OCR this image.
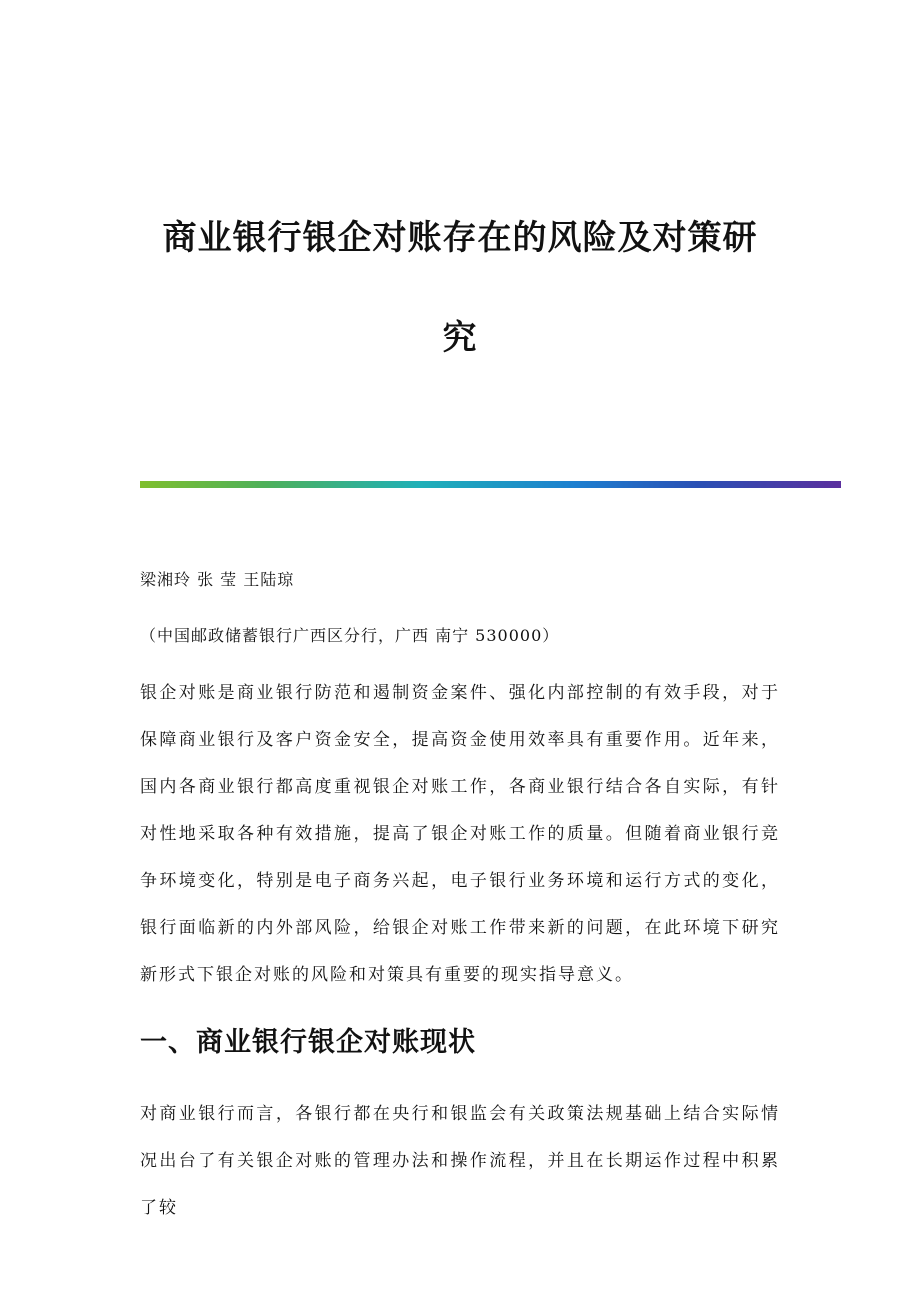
商业银行银企对账存在的风险及对策研
究

梁湘玲 张 莹 王陆琼

（中国邮政储蓄银行广西区分行，广西 南宁 530000）

银企对账是商业银行防范和遏制资金案件、强化内部控制的有效手段，对于保障商业银行及客户资金安全，提高资金使用效率具有重要作用。近年来，国内各商业银行都高度重视银企对账工作，各商业银行结合各自实际，有针对性地采取各种有效措施，提高了银企对账工作的质量。但随着商业银行竞争环境变化，特别是电子商务兴起，电子银行业务环境和运行方式的变化，银行面临新的内外部风险，给银企对账工作带来新的问题，在此环境下研究新形式下银企对账的风险和对策具有重要的现实指导意义。

一、商业银行银企对账现状

对商业银行而言，各银行都在央行和银监会有关政策法规基础上结合实际情况出台了有关银企对账的管理办法和操作流程，并且在长期运作过程中积累了较
